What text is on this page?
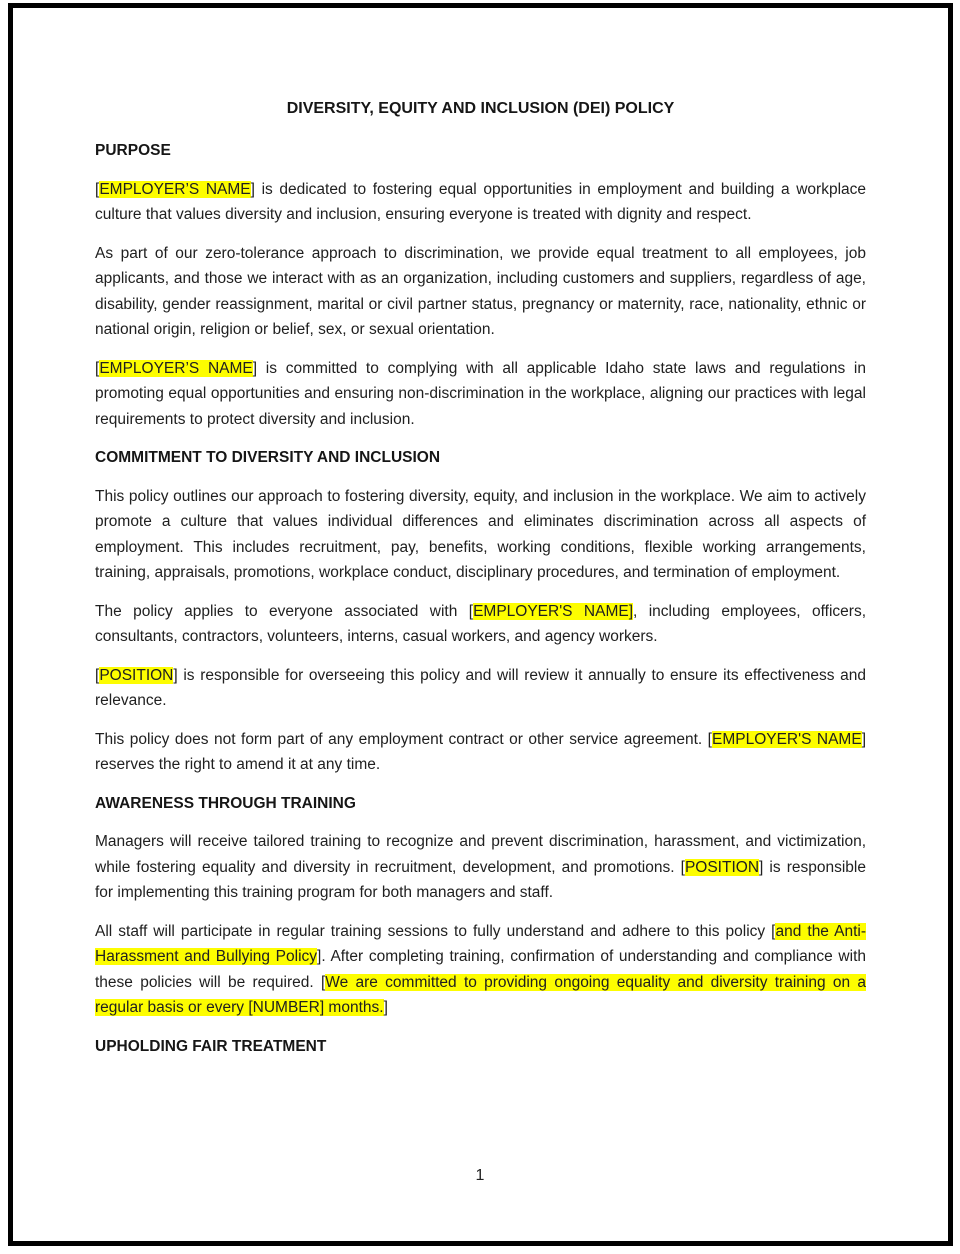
DIVERSITY, EQUITY AND INCLUSION (DEI) POLICY
PURPOSE

[EMPLOYER’S NAME] is dedicated to fostering equal opportunities in employment and building a workplace culture that values diversity and inclusion, ensuring everyone is treated with dignity and respect.

As part of our zero-tolerance approach to discrimination, we provide equal treatment to all employees, job applicants, and those we interact with as an organization, including customers and suppliers, regardless of age, disability, gender reassignment, marital or civil partner status, pregnancy or maternity, race, nationality, ethnic or national origin, religion or belief, sex, or sexual orientation.

[EMPLOYER’S NAME] is committed to complying with all applicable Idaho state laws and regulations in promoting equal opportunities and ensuring non-discrimination in the workplace, aligning our practices with legal requirements to protect diversity and inclusion.

COMMITMENT TO DIVERSITY AND INCLUSION

This policy outlines our approach to fostering diversity, equity, and inclusion in the workplace. We aim to actively promote a culture that values individual differences and eliminates discrimination across all aspects of employment. This includes recruitment, pay, benefits, working conditions, flexible working arrangements, training, appraisals, promotions, workplace conduct, disciplinary procedures, and termination of employment.

The policy applies to everyone associated with [EMPLOYER'S NAME], including employees, officers, consultants, contractors, volunteers, interns, casual workers, and agency workers.

[POSITION] is responsible for overseeing this policy and will review it annually to ensure its effectiveness and relevance.

This policy does not form part of any employment contract or other service agreement. [EMPLOYER'S NAME] reserves the right to amend it at any time.

AWARENESS THROUGH TRAINING

Managers will receive tailored training to recognize and prevent discrimination, harassment, and victimization, while fostering equality and diversity in recruitment, development, and promotions. [POSITION] is responsible for implementing this training program for both managers and staff.

All staff will participate in regular training sessions to fully understand and adhere to this policy [and the Anti-Harassment and Bullying Policy]. After completing training, confirmation of understanding and compliance with these policies will be required. [We are committed to providing ongoing equality and diversity training on a regular basis or every [NUMBER] months.]

UPHOLDING FAIR TREATMENT
1
